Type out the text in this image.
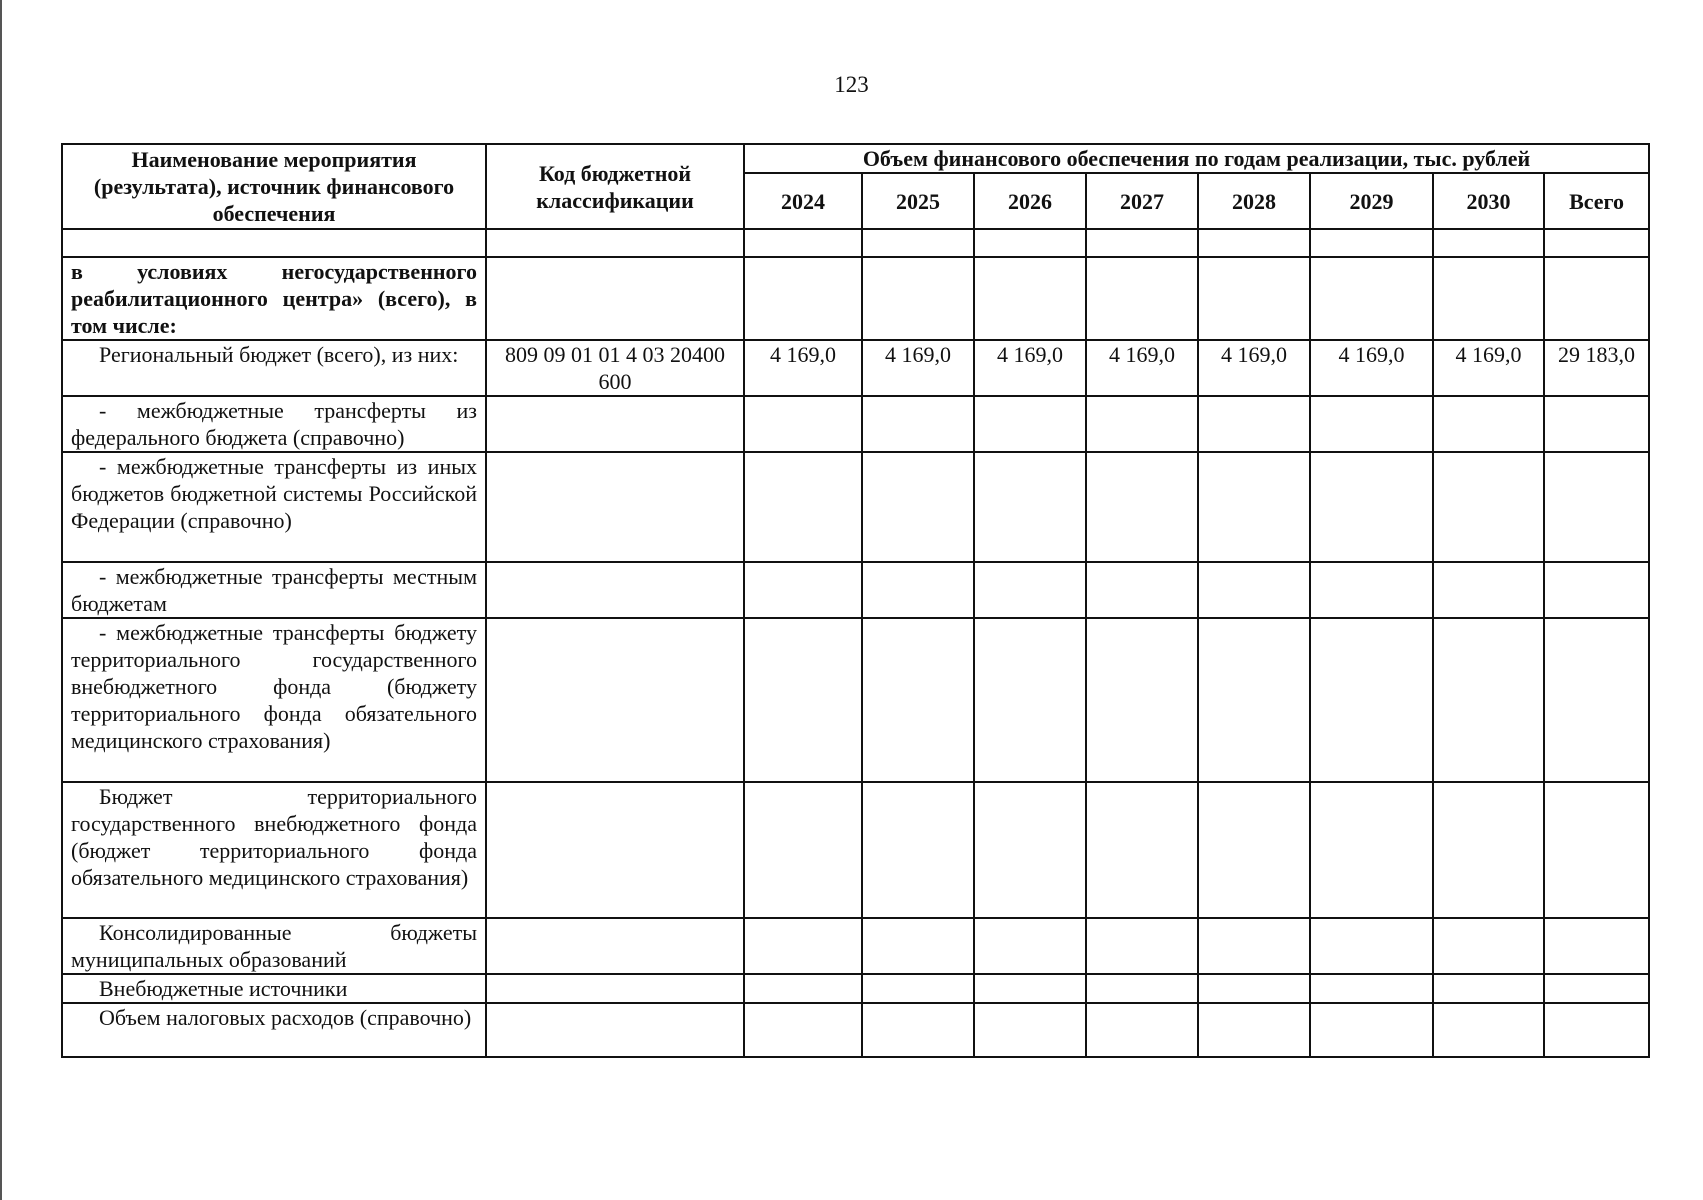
123
Наименование мероприятия (результата), источник финансового обеспечения	Код бюджетной классификации	Объем финансового обеспечения по годам реализации, тыс. рублей							
		2024	2025	2026	2027	2028	2029	2030	Всего

в условиях негосударственного реабилитационного центра» (всего), в том числе:									

Региональный бюджет (всего), из них:	809 09 01 01 4 03 20400 600	4 169,0	4 169,0	4 169,0	4 169,0	4 169,0	4 169,0	4 169,0	29 183,0

- межбюджетные трансферты из федерального бюджета (справочно)									

- межбюджетные трансферты из иных бюджетов бюджетной системы Российской Федерации (справочно)									

- межбюджетные трансферты местным бюджетам									

- межбюджетные трансферты бюджету территориального государственного внебюджетного фонда (бюджету территориального фонда обязательного медицинского страхования)									

Бюджет территориального государственного внебюджетного фонда (бюджет территориального фонда обязательного медицинского страхования)									

Консолидированные бюджеты муниципальных образований									

Внебюджетные источники									

Объем налоговых расходов (справочно)									
